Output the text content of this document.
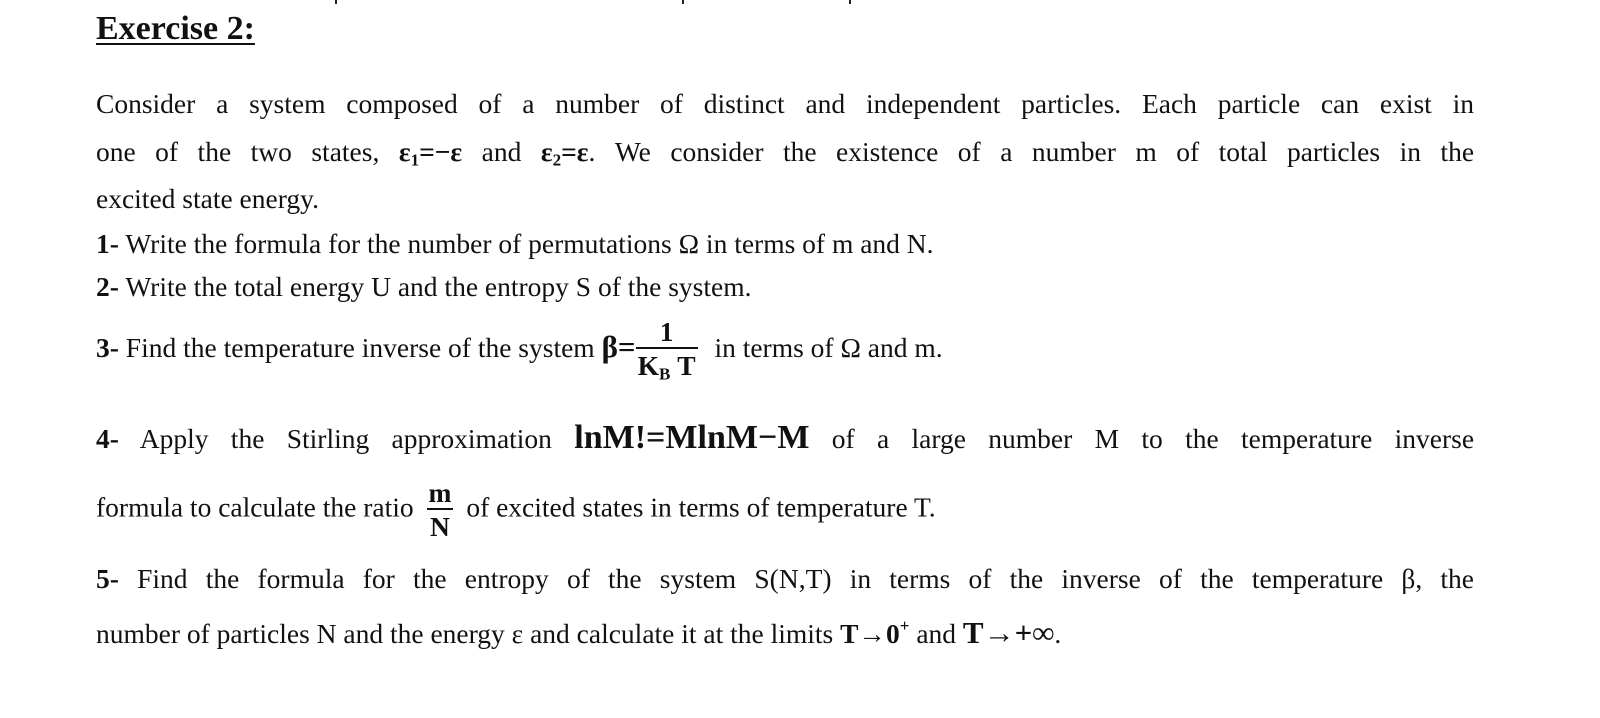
Exercise 2:
Consider a system composed of a number of distinct and independent particles. Each particle can exist in
one of the two states, $\varepsilon_1=-\varepsilon$ and $\varepsilon_2=\varepsilon$. We consider the existence of a number m of total particles in the
excited state energy.
1- Write the formula for the number of permutations Ω in terms of m and N.
2- Write the total energy U and the entropy S of the system.
3- Find the temperature inverse of the system $\beta= \frac{1}{K_B T}$ in terms of Ω and m.
4- Apply the Stirling approximation lnM!=MlnM−M of a large number M to the temperature inverse
formula to calculate the ratio $\frac{m}{N}$ of excited states in terms of temperature T.
5- Find the formula for the entropy of the system S(N,T) in terms of the inverse of the temperature β, the
number of particles N and the energy ε and calculate it at the limits T→0+ and T→+∞.
